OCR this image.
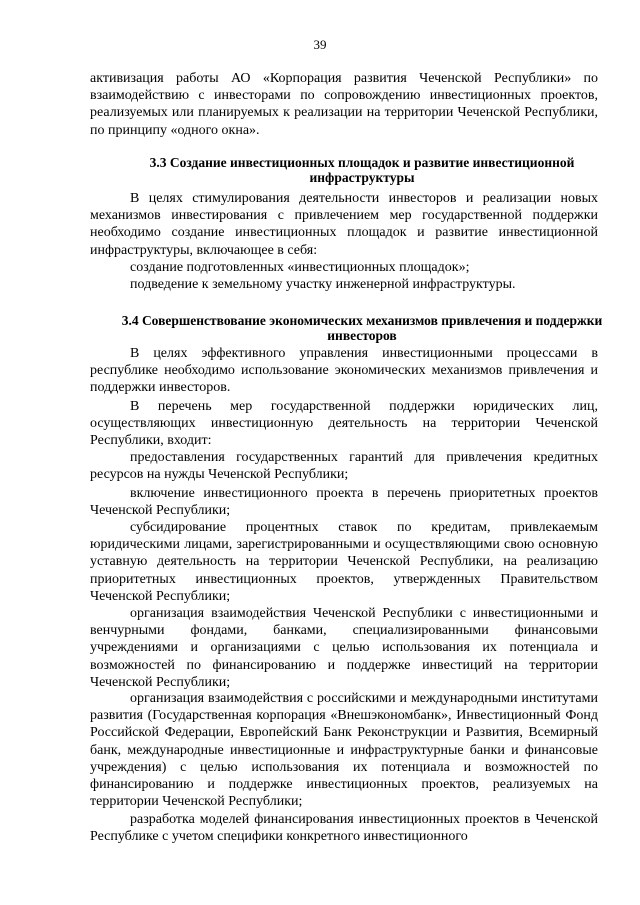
39

активизация работы АО «Корпорация развития Чеченской Республики» по взаимодействию с инвесторами по сопровождению инвестиционных проектов, реализуемых или планируемых к реализации на территории Чеченской Республики, по принципу «одного окна».

3.3 Создание инвестиционных площадок и развитие инвестиционной инфраструктуры

В целях стимулирования деятельности инвесторов и реализации новых механизмов инвестирования с привлечением мер государственной поддержки необходимо создание инвестиционных площадок и развитие инвестиционной инфраструктуры, включающее в себя:

создание подготовленных «инвестиционных площадок»;

подведение к земельному участку инженерной инфраструктуры.

3.4 Совершенствование экономических механизмов привлечения и поддержки инвесторов

В целях эффективного управления инвестиционными процессами в республике необходимо использование экономических механизмов привлечения и поддержки инвесторов.

В перечень мер государственной поддержки юридических лиц, осуществляющих инвестиционную деятельность на территории Чеченской Республики, входит:

предоставления государственных гарантий для привлечения кредитных ресурсов на нужды Чеченской Республики;

включение инвестиционного проекта в перечень приоритетных проектов Чеченской Республики;

субсидирование процентных ставок по кредитам, привлекаемым юридическими лицами, зарегистрированными и осуществляющими свою основную уставную деятельность на территории Чеченской Республики, на реализацию приоритетных инвестиционных проектов, утвержденных Правительством Чеченской Республики;

организация взаимодействия Чеченской Республики с инвестиционными и венчурными фондами, банками, специализированными финансовыми учреждениями и организациями с целью использования их потенциала и возможностей по финансированию и поддержке инвестиций на территории Чеченской Республики;

организация взаимодействия с российскими и международными институтами развития (Государственная корпорация «Внешэкономбанк», Инвестиционный Фонд Российской Федерации, Европейский Банк Реконструкции и Развития, Всемирный банк, международные инвестиционные и инфраструктурные банки и финансовые учреждения) с целью использования их потенциала и возможностей по финансированию и поддержке инвестиционных проектов, реализуемых на территории Чеченской Республики;

разработка моделей финансирования инвестиционных проектов в Чеченской Республике с учетом специфики конкретного инвестиционного
